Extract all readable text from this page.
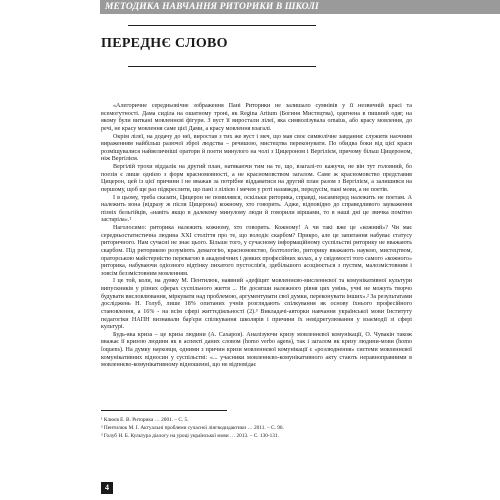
МЕТОДИКА НАВЧАННЯ РИТОРИКИ В ШКОЛІ
ПЕРЕДНЄ СЛОВО

«Алегоричне середньовічне зображення Пані Риторики не залишало сумнівів у її незвичній красі та всемогутності. Дама сиділа на ошатному троні, як Regina Artium (Богиня Мистецтва), одягнена в пишний одяг, на якому були виткані мовленнєві фігури. З вуст її виростали лілеї, яка символізувала ornatus, або красу мовлення, до речі, не красу мовлення саме цієї Дами, а красу мовлення взагалі.

Окрім лілеї, на додачу до неї, виростав з тих же вуст і меч, що мав своє символічне завдання: служити наочним вираженням найбільш разючої зброї людства – речишою, мистецтва переконувати. По обидва боки від цієї краси розміщувалися найвеличніші оратори й поети минулого на чолі з Цицероном і Вергілієм, причому більш Цицероном, ніж Вергілієм.

Вергілій трохи віддалік на другий план, натякаючи тим на те, що, взагалі-то кажучи, не він тут головний, бо поезія є лише однією з форм красномовності, а не красномовством загалом. Саме ж красномовство представив Цицерон, цей із цієї причини і не вважав за потрібне віддаватися на другий план разом з Вергілієм, а залишився на першому, щоб ще раз підкреслити, що пані з лілією і мечем у роті назавжди, передусім, пані мови, а не поетів.

І в цьому, треба сказати, Цицерон не помилявся, оскільки риторика, справді, насамперед належить не поетам. А належить вона (відразу ж після Цицерона) кожному, хто говорить. Адже, відповідно до справедливого зауваження пізніх бельгійців, «навіть якщо в далекому минулому люди й говорили віршами, то в наші дні це звичка помітно застаріла».¹

Наголосимо: риторика належить кожному, хто говорить. Кожному! А чи такі вже це «кожний»? Чи має середньостатистична людина XXI століття про те, що володіє скарбом? Прикро, але це запитання набуває статусу риторичного. Нам сучасні не знає цього. Більше того, у сучасному інформаційному суспільстві риторику не вважають скарбом. Під риторикою розуміють демагогію, красномовство, болтологію, риторику вважають наукою, мистецтвом, ораторською майстерністю перевагою в академічних і деяких професійних колах, а у свідомості того самого «кожного» риторика, набуваючи одіозного відтінку пихатого пустослів'я, здебільшого асоціюється з пустим, малозмістовним і зовсім беззмістовним мовленням.

І це той, коли, на думку М. Пентилюк, наявний «дефіцит мовленнєво-мисленнєвої та комунікативної культури випускників у різних сферах суспільного життя ... Не досягши належного рівня цих умінь, учні не можуть творчо будувати висловлювання, міркувати над проблемою, аргументувати свої думки, переконувати інших».² За результатами досліджень Н. Голуб, лише 18% опитаних учнів розглядають спілкування як основу їхнього професійного становлення, а 16% - на всім сфері життєдіяльності (2).³ Викладачі-авторки навчання української мови Інституту педагогіки НАПН визнавали бар'єри спілкування школярів і причини їх невідрегулювання у взаємодії зі сфері культурі.

Будь-яка криза – це криза людини (А. Сахаров). Аналізуючи кризу мовленнєвої комунікації, О. Чувакін також вважає її кризою людини як в аспекті даних словом (homo verbo agens), так і загалом як кризу людини-мови (homo loquens). На думку науковця, одними з причин кризи мовленнєвої комунікації є «розлюднення» системи мовленнєвої комунікативних відносин у суспільстві: «... учасники мовленнєво-комунікативного акту стають неравноправними в мовленнєво-комунікативному відношенні, що не відповідає

¹ Клюєв Е. В. Риторика … 2001. – С. 5.

² Пентилюк М. І. Актуальні проблеми сучасної лінгводидактики … 2011. – С. 96.

³ Голуб Н. Б. Культура діалогу на уроці української мови … 2013. – С. 130-131.

4
